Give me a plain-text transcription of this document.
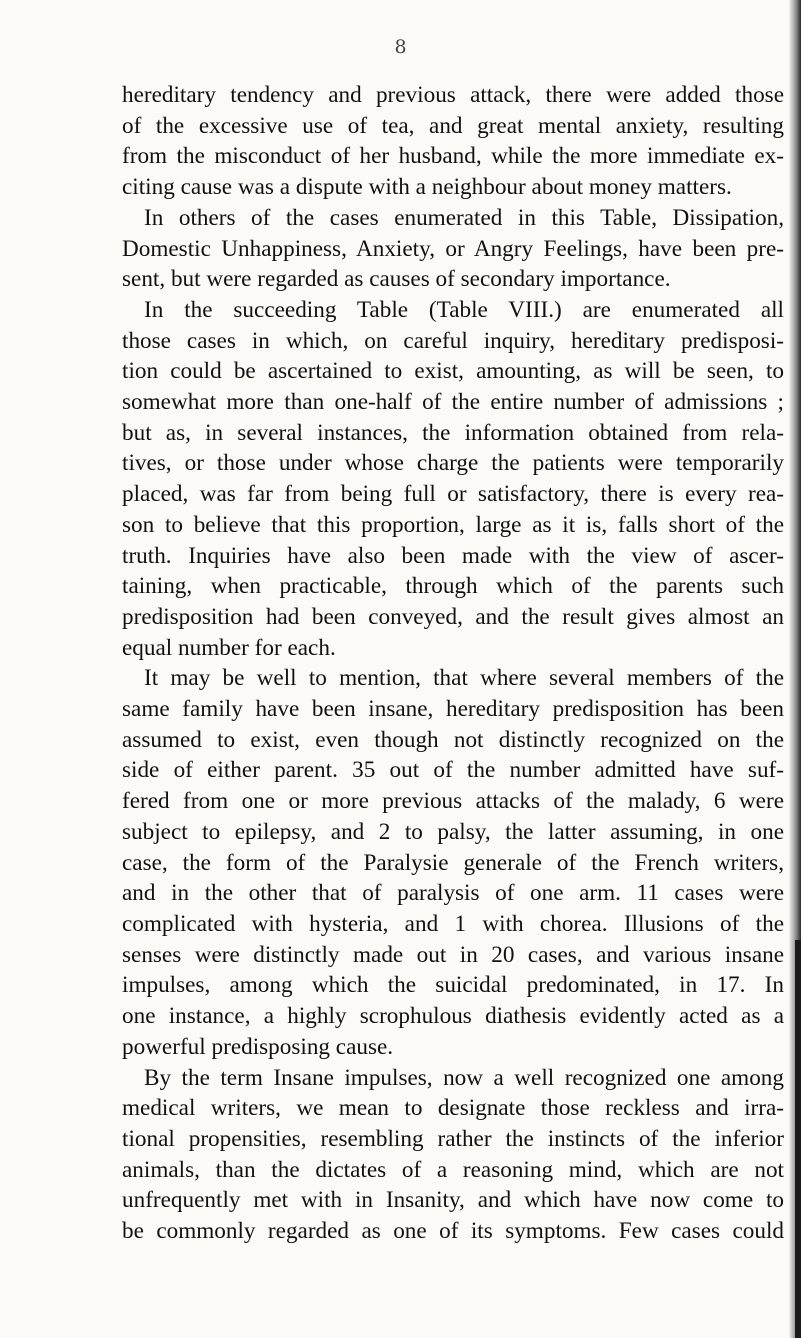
8
hereditary tendency and previous attack, there were added those
of the excessive use of tea, and great mental anxiety, resulting
from the misconduct of her husband, while the more immediate ex-
citing cause was a dispute with a neighbour about money matters.
In others of the cases enumerated in this Table, Dissipation,
Domestic Unhappiness, Anxiety, or Angry Feelings, have been pre-
sent, but were regarded as causes of secondary importance.
In the succeeding Table (Table VIII.) are enumerated all
those cases in which, on careful inquiry, hereditary predisposi-
tion could be ascertained to exist, amounting, as will be seen, to
somewhat more than one-half of the entire number of admissions ;
but as, in several instances, the information obtained from rela-
tives, or those under whose charge the patients were temporarily
placed, was far from being full or satisfactory, there is every rea-
son to believe that this proportion, large as it is, falls short of the
truth. Inquiries have also been made with the view of ascer-
taining, when practicable, through which of the parents such
predisposition had been conveyed, and the result gives almost an
equal number for each.
It may be well to mention, that where several members of the
same family have been insane, hereditary predisposition has been
assumed to exist, even though not distinctly recognized on the
side of either parent. 35 out of the number admitted have suf-
fered from one or more previous attacks of the malady, 6 were
subject to epilepsy, and 2 to palsy, the latter assuming, in one
case, the form of the Paralysie generale of the French writers,
and in the other that of paralysis of one arm. 11 cases were
complicated with hysteria, and 1 with chorea. Illusions of the
senses were distinctly made out in 20 cases, and various insane
impulses, among which the suicidal predominated, in 17. In
one instance, a highly scrophulous diathesis evidently acted as a
powerful predisposing cause.
By the term Insane impulses, now a well recognized one among
medical writers, we mean to designate those reckless and irra-
tional propensities, resembling rather the instincts of the inferior
animals, than the dictates of a reasoning mind, which are not
unfrequently met with in Insanity, and which have now come to
be commonly regarded as one of its symptoms. Few cases could
